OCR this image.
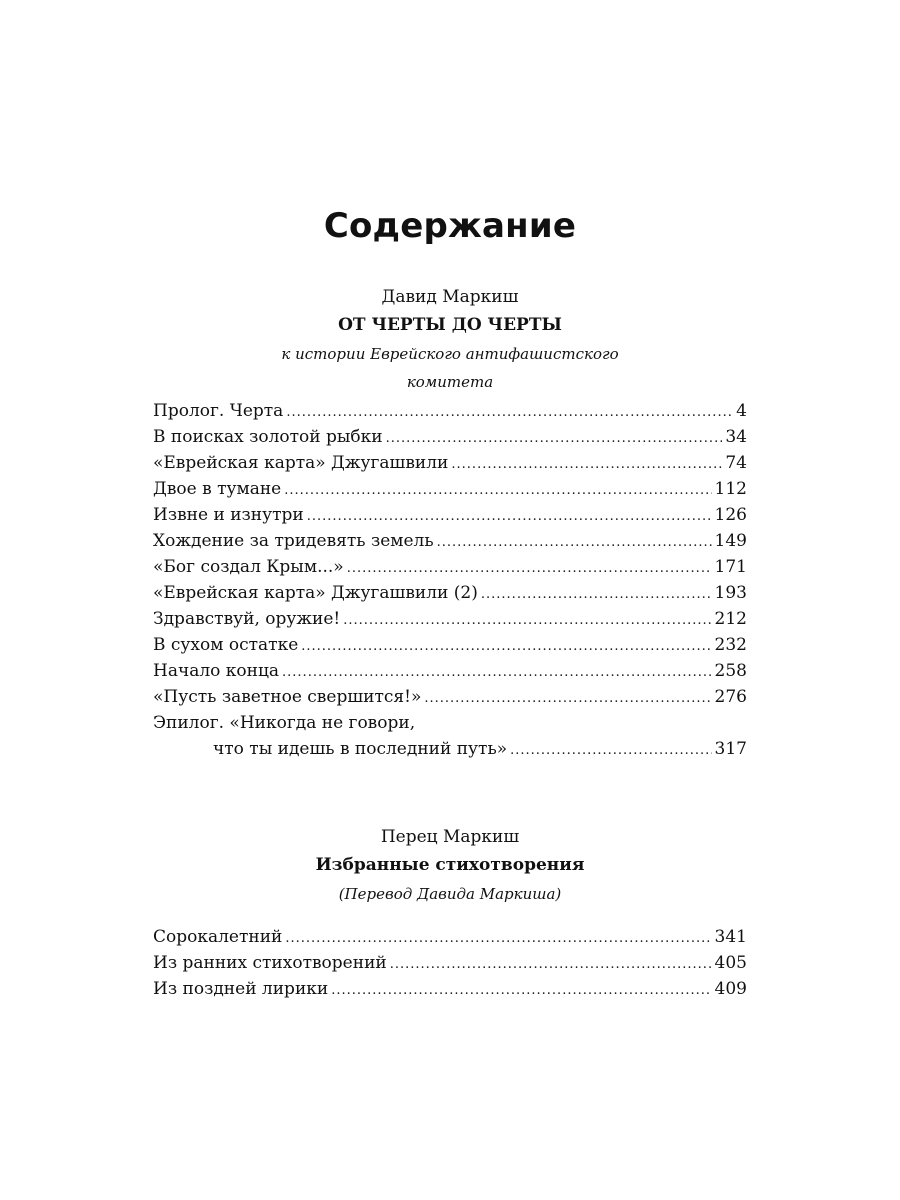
Содержание
Давид Маркиш
ОТ ЧЕРТЫ ДО ЧЕРТЫ
к истории Еврейского антифашистского
комитета
Пролог. Черта .....	4
В поисках золотой рыбки .....	34
«Еврейская карта» Джугашвили .....	74
Двое в тумане .....	112
Извне и изнутри .....	126
Хождение за тридевять земель .....	149
«Бог создал Крым...» .....	171
«Еврейская карта» Джугашвили (2) .....	193
Здравствуй, оружие! .....	212
В сухом остатке .....	232
Начало конца .....	258
«Пусть заветное свершится!» .....	276
Эпилог. «Никогда не говори,
что ты идешь в последний путь» .....	317
Перец Маркиш
Избранные стихотворения
(Перевод Давида Маркиша)
Сорокалетний .....	341
Из ранних стихотворений .....	405
Из поздней лирики .....	409
